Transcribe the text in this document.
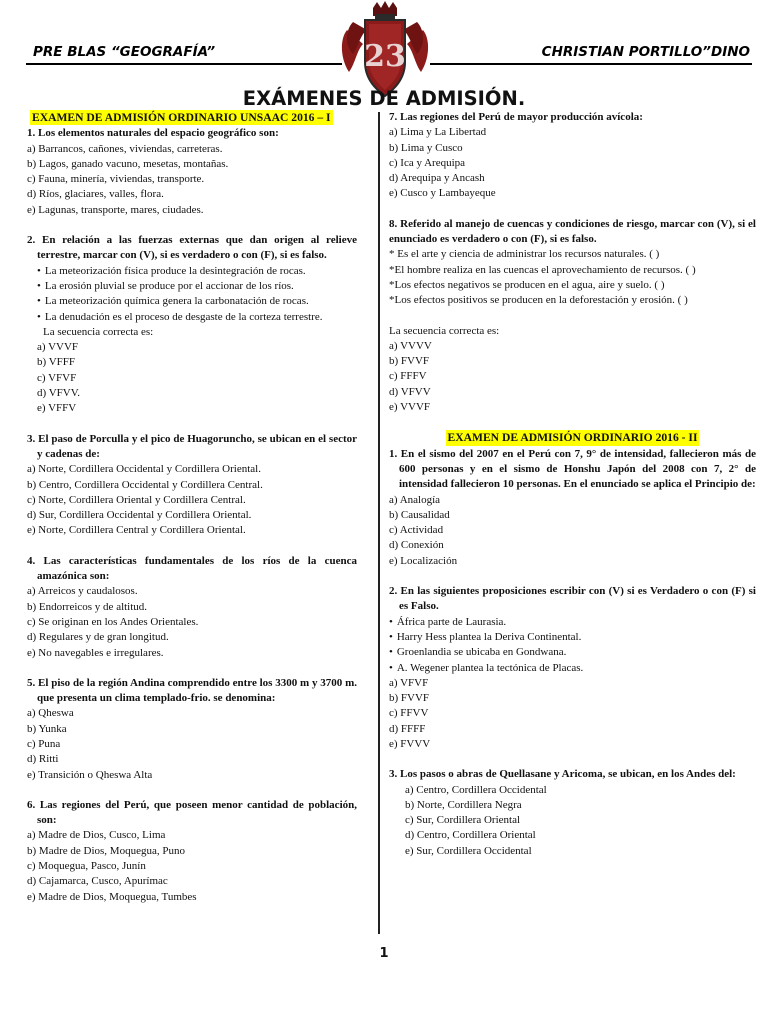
PRE BLAS “GEOGRAFÍA”	CHRISTIAN PORTILLO”DINO
23
EXÁMENES DE ADMISIÓN.
EXAMEN DE ADMISIÓN ORDINARIO UNSAAC 2016 – I
1. Los elementos naturales del espacio geográfico son:
a) Barrancos, cañones, viviendas, carreteras.
b) Lagos, ganado vacuno, mesetas, montañas.
c) Fauna, minería, viviendas, transporte.
d) Ríos, glaciares, valles, flora.
e) Lagunas, transporte, mares, ciudades.
2. En relación a las fuerzas externas que dan origen al relieve terrestre, marcar con (V), si es verdadero o con (F), si es falso.
• La meteorización física produce la desintegración de rocas.
• La erosión pluvial se produce por el accionar de los ríos.
• La meteorización química genera la carbonatación de rocas.
• La denudación es el proceso de desgaste de la corteza terrestre.
La secuencia correcta es:
a) VVVF
b) VFFF
c) VFVF
d) VFVV.
e) VFFV
3. El paso de Porculla y el pico de Huagoruncho, se ubican en el sector y cadenas de:
a) Norte, Cordillera Occidental y Cordillera Oriental.
b) Centro, Cordillera Occidental y Cordillera Central.
c) Norte, Cordillera Oriental y Cordillera Central.
d) Sur, Cordillera Occidental y Cordillera Oriental.
e) Norte, Cordillera Central y Cordillera Oriental.
4. Las características fundamentales de los ríos de la cuenca amazónica son:
a) Arreicos y caudalosos.
b) Endorreicos y de altitud.
c) Se originan en los Andes Orientales.
d) Regulares y de gran longitud.
e) No navegables e irregulares.
5. El piso de la región Andina comprendido entre los 3300 m y 3700 m. que presenta un clima templado-frio. se denomina:
a) Qheswa
b) Yunka
c) Puna
d) Ritti
e) Transición o Qheswa Alta
6. Las regiones del Perú, que poseen menor cantidad de población, son:
a) Madre de Dios, Cusco, Lima
b) Madre de Dios, Moquegua, Puno
c) Moquegua, Pasco, Junín
d) Cajamarca, Cusco, Apurímac
e) Madre de Dios, Moquegua, Tumbes
7. Las regiones del Perú de mayor producción avícola:
a) Lima y La Libertad
b) Lima y Cusco
c) Ica y Arequipa
d) Arequipa y Ancash
e) Cusco y Lambayeque
8. Referido al manejo de cuencas y condiciones de riesgo, marcar con (V), si el enunciado es verdadero o con (F), si es falso.
* Es el arte y ciencia de administrar los recursos naturales. ( )
*El hombre realiza en las cuencas el aprovechamiento de recursos. ( )
*Los efectos negativos se producen en el agua, aire y suelo. ( )
*Los efectos positivos se producen en la deforestación y erosión. ( )
La secuencia correcta es:
a) VVVV
b) FVVF
c) FFFV
d) VFVV
e) VVVF
EXAMEN DE ADMISIÓN ORDINARIO 2016 - II
1. En el sismo del 2007 en el Perú con 7, 9° de intensidad, fallecieron más de 600 personas y en el sismo de Honshu Japón del 2008 con 7, 2° de intensidad fallecieron 10 personas. En el enunciado se aplica el Principio de:
a) Analogía
b) Causalidad
c) Actividad
d) Conexión
e) Localización
2. En las siguientes proposiciones escribir con (V) si es Verdadero o con (F) si es Falso.
• África parte de Laurasia.
• Harry Hess plantea la Deriva Continental.
• Groenlandia se ubicaba en Gondwana.
• A. Wegener plantea la tectónica de Placas.
a) VFVF
b) FVVF
c) FFVV
d) FFFF
e) FVVV
3. Los pasos o abras de Quellasane y Aricoma, se ubican, en los Andes del:
a) Centro, Cordillera Occidental
b) Norte, Cordillera Negra
c) Sur, Cordillera Oriental
d) Centro, Cordillera Oriental
e) Sur, Cordillera Occidental
1
